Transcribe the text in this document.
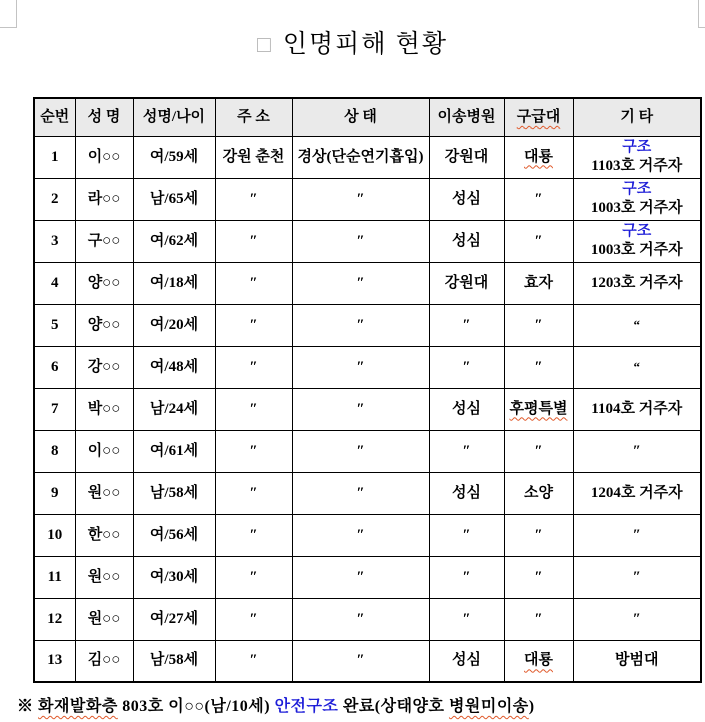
□ 인명피해 현황
순번	성 명	성명/나이	주 소	상 태	이송병원	구급대	기 타
1	이○○	여/59세	강원 춘천	경상(단순연기흡입)	강원대	대룡	구조
1103호 거주자

2	라○○	남/65세	″	″	성심	″	구조
1003호 거주자

3	구○○	여/62세	″	″	성심	″	구조
1003호 거주자

4	양○○	여/18세	″	″	강원대	효자	1203호 거주자
5	양○○	여/20세	″	″	″	″	“
6	강○○	여/48세	″	″	″	″	“
7	박○○	남/24세	″	″	성심	후평특별	1104호 거주자
8	이○○	여/61세	″	″	″	″	″
9	원○○	남/58세	″	″	성심	소양	1204호 거주자
10	한○○	여/56세	″	″	″	″	″
11	원○○	여/30세	″	″	″	″	″
12	원○○	여/27세	″	″	″	″	″
13	김○○	남/58세	″	″	성심	대룡	방범대

※ 화재발화층 803호 이○○(남/10세) 안전구조 완료(상태양호 병원미이송)
